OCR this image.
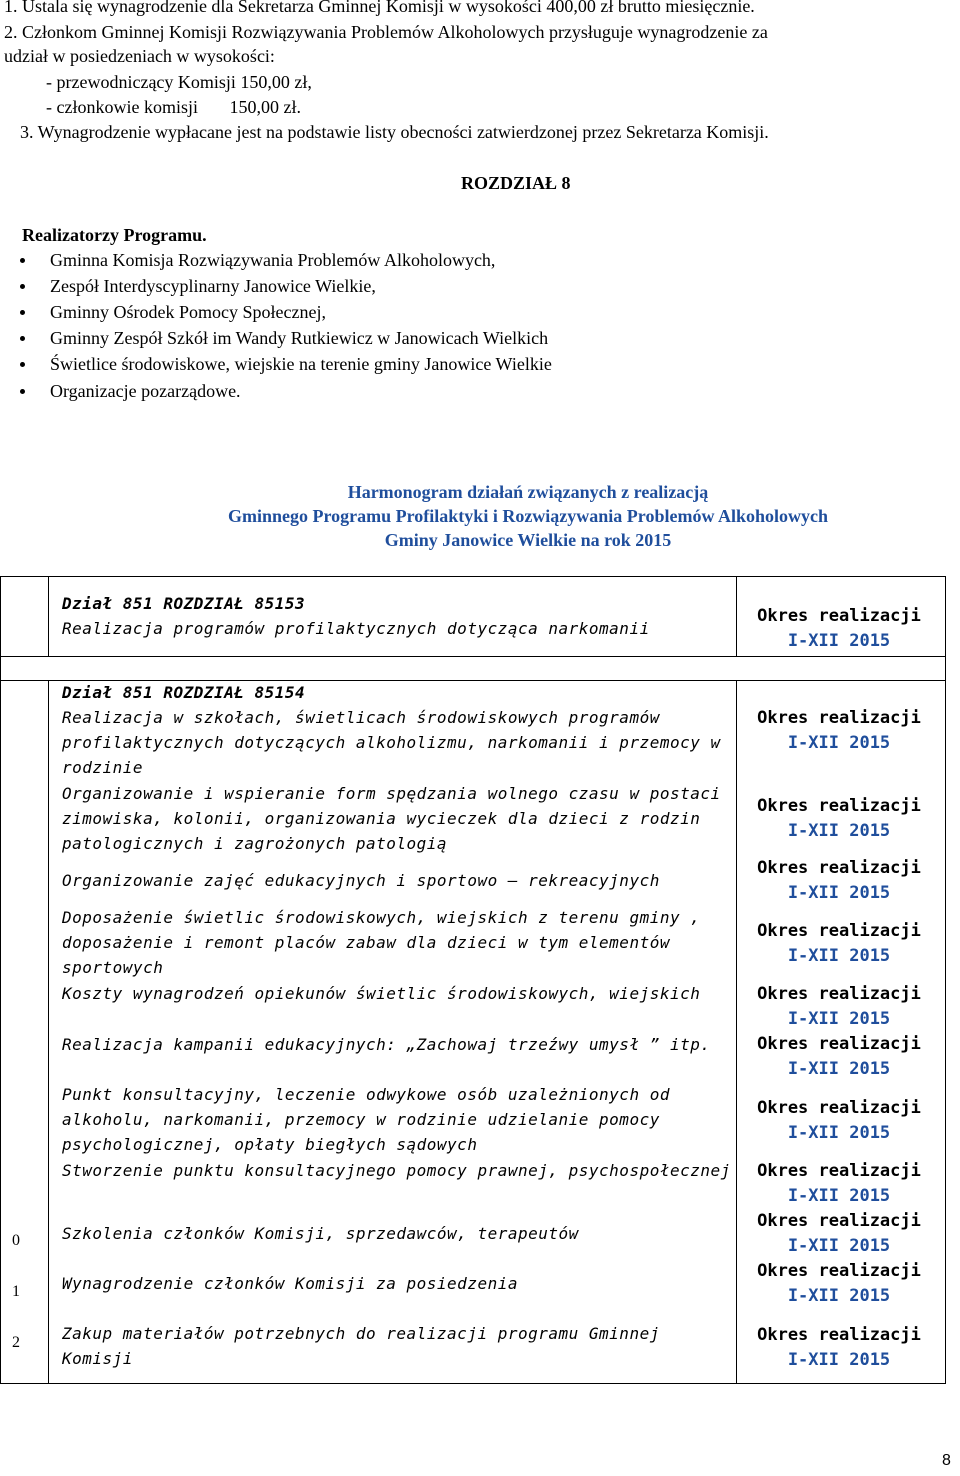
1. Ustala się wynagrodzenie dla Sekretarza Gminnej Komisji w wysokości 400,00 zł brutto miesięcznie.
2. Członkom Gminnej Komisji Rozwiązywania Problemów Alkoholowych przysługuje wynagrodzenie za
udział w posiedzeniach w wysokości:
- przewodniczący Komisji 150,00 zł,
- członkowie komisji       150,00 zł.
3. Wynagrodzenie wypłacane jest na podstawie listy obecności zatwierdzonej przez Sekretarza Komisji.
ROZDZIAŁ 8
Realizatorzy Programu.
Gminna Komisja Rozwiązywania Problemów Alkoholowych,
Zespół Interdyscyplinarny Janowice Wielkie,
Gminny Ośrodek Pomocy Społecznej,
Gminny Zespół Szkół im Wandy Rutkiewicz w Janowicach Wielkich
Świetlice środowiskowe, wiejskie na terenie gminy Janowice Wielkie
Organizacje pozarządowe.
Harmonogram działań związanych z realizacją
Gminnego Programu Profilaktyki i Rozwiązywania Problemów Alkoholowych
Gminy Janowice Wielkie na rok 2015
Dział 851 ROZDZIAŁ 85153
Realizacja programów profilaktycznych dotycząca narkomanii
Okres realizacji
I-XII 2015
Dział 851 ROZDZIAŁ 85154
Realizacja w szkołach, świetlicach środowiskowych programów profilaktycznych dotyczących alkoholizmu, narkomanii i przemocy w rodzinie
Okres realizacji
I-XII 2015
Organizowanie i wspieranie form spędzania wolnego czasu w postaci zimowiska, kolonii, organizowania wycieczek dla dzieci z rodzin patologicznych i zagrożonych patologią
Okres realizacji
I-XII 2015
Organizowanie zajęć edukacyjnych i sportowo – rekreacyjnych
Okres realizacji
I-XII 2015
Doposażenie świetlic środowiskowych, wiejskich z terenu gminy , doposażenie i remont placów zabaw dla dzieci w tym elementów sportowych
Okres realizacji
I-XII 2015
Koszty wynagrodzeń opiekunów świetlic środowiskowych, wiejskich	Okres realizacji
I-XII 2015
Realizacja kampanii edukacyjnych: „Zachowaj trzeźwy umysł ” itp.	Okres realizacji
I-XII 2015
Punkt konsultacyjny, leczenie odwykowe osób uzależnionych od alkoholu, narkomanii, przemocy w rodzinie udzielanie pomocy psychologicznej, opłaty biegłych sądowych
Okres realizacji
I-XII 2015
Stworzenie punktu konsultacyjnego pomocy prawnej, psychospołecznej	Okres realizacji
I-XII 2015
0	Szkolenia członków Komisji, sprzedawców, terapeutów
Okres realizacji
I-XII 2015
1	Wynagrodzenie członków Komisji za posiedzenia
Okres realizacji
I-XII 2015
2	Zakup materiałów potrzebnych do realizacji programu Gminnej Komisji
Okres realizacji
I-XII 2015
8
